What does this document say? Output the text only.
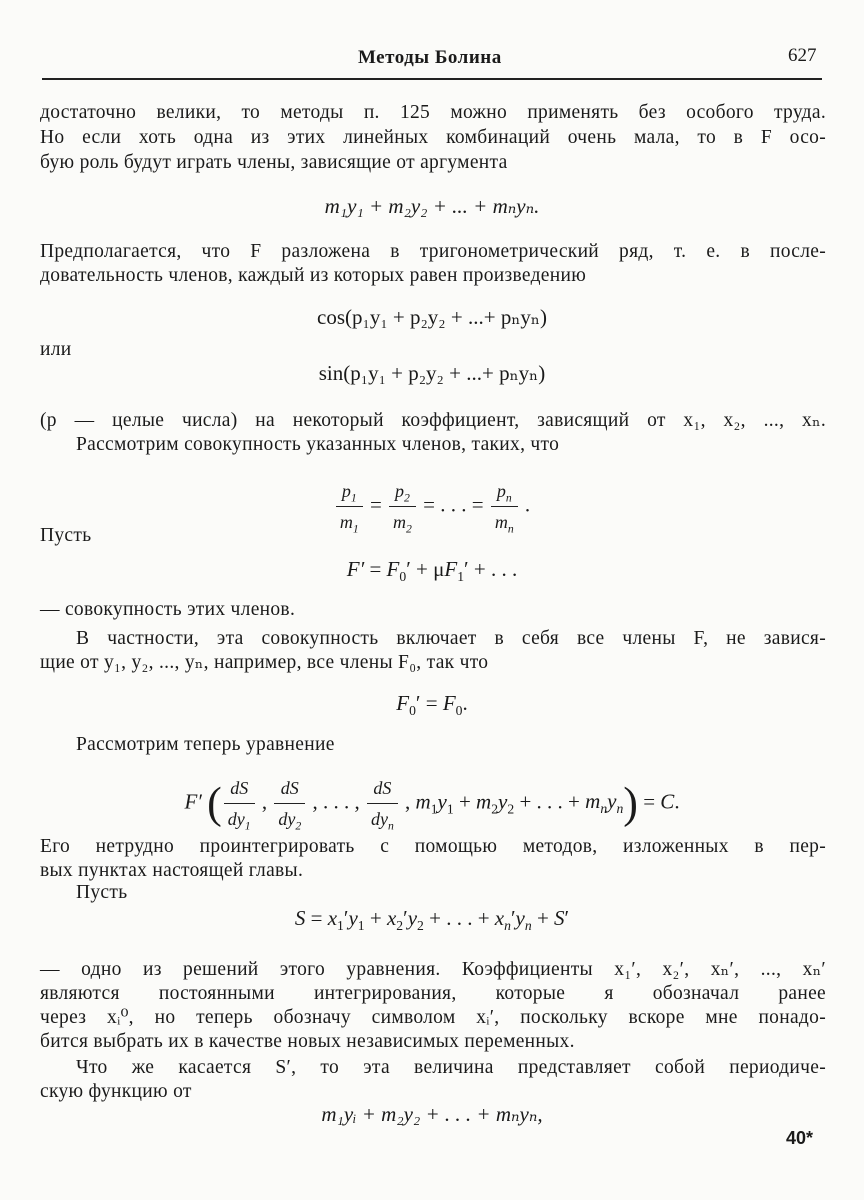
Методы Болина	627
достаточно велики, то методы п. 125 можно применять без особого труда.
Но если хоть одна из этих линейных комбинаций очень мала, то в F осо-
бую роль будут играть члены, зависящие от аргумента
m₁y₁ + m₂y₂ + ... + mₙyₙ.
Предполагается, что F разложена в тригонометрический ряд, т. е. в после-
довательность членов, каждый из которых равен произведению
cos(p₁y₁ + p₂y₂ + ...+ pₙyₙ)
или
sin(p₁y₁ + p₂y₂ + ...+ pₙyₙ)
(p — целые числа) на некоторый коэффициент, зависящий от x₁, x₂, ..., xₙ.
Рассмотрим совокупность указанных членов, таких, что
$\frac{p_1}{m_1} = \frac{p_2}{m_2}$ = . . . = $\frac{p_n}{m_n}$ .
Пусть
$F' = F_0' + \mu F_1'$ + . . .
— совокупность этих членов.
В частности, эта совокупность включает в себя все члены F, не завися-
щие от y₁, y₂, ..., yₙ, например, все члены F₀, так что
$F_0' = F_0$.
Рассмотрим теперь уравнение
F′ ( $\frac{dS}{dy_1}$ , $\frac{dS}{dy_2}$ , . . . , $\frac{dS}{dy_n}$ , $m_1y_1 + m_2y_2$ + . . . + $m_ny_n) = C$.
Его нетрудно проинтегрировать с помощью методов, изложенных в пер-
вых пунктах настоящей главы.
Пусть
$S = x_1'y_1 + x_2'y_2$ + . . . + $x_n'y_n + S'$
— одно из решений этого уравнения. Коэффициенты x₁′, x₂′, xₙ′, ..., xₙ′
являются постоянными интегрирования, которые я обозначал ранее
через xᵢ⁰, но теперь обозначу символом xᵢ′, поскольку вскоре мне понадо-
бится выбрать их в качестве новых независимых переменных.
Что же касается S′, то эта величина представляет собой периодиче-
скую функцию от
m₁yᵢ + m₂y₂ + . . . + mₙyₙ,
40*
